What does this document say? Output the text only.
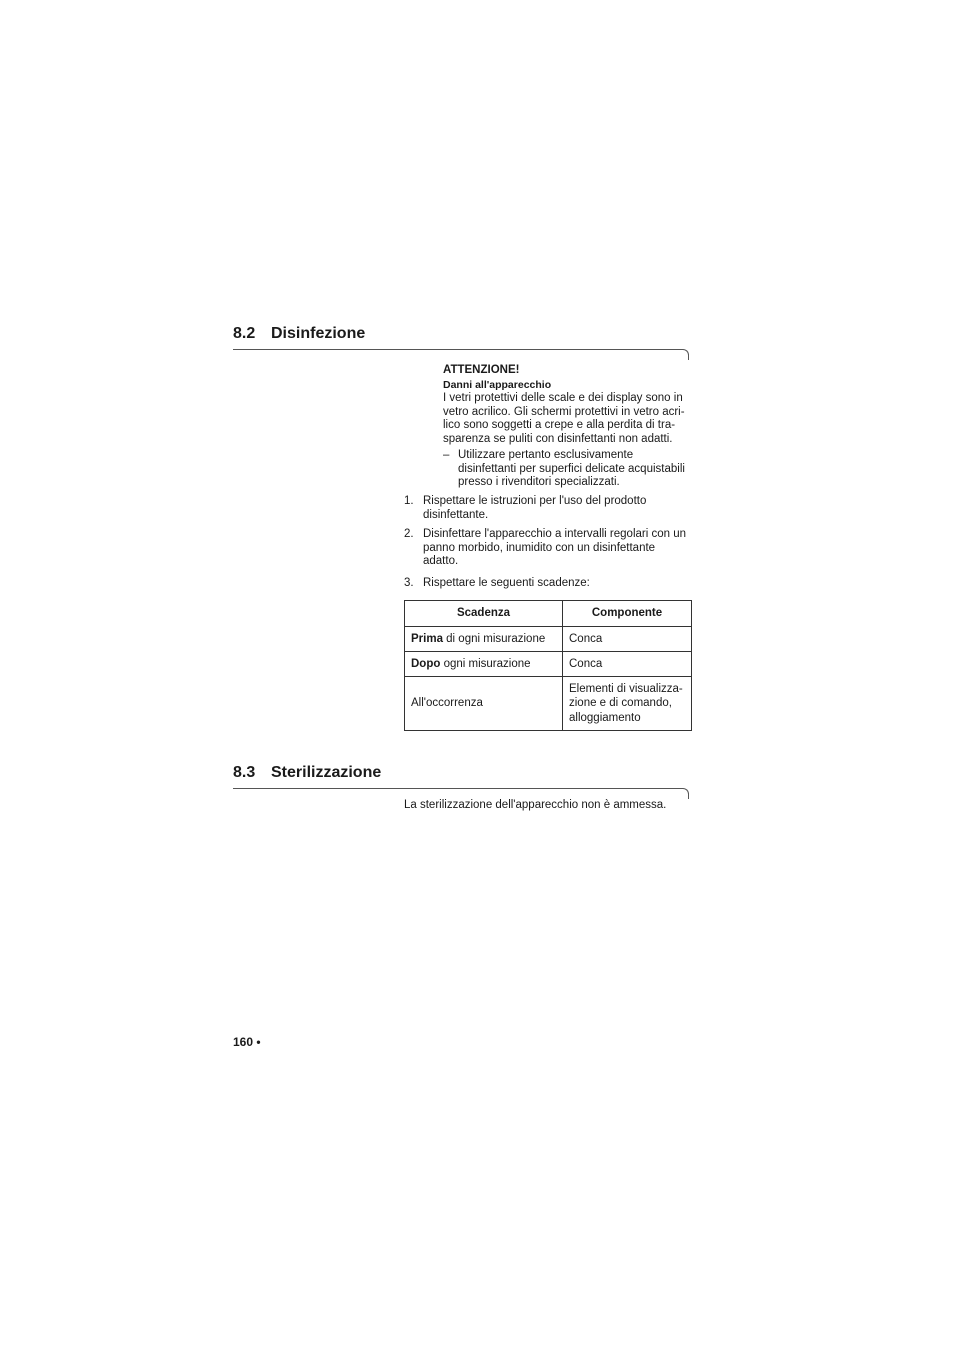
8.2 Disinfezione
ATTENZIONE!
Danni all'apparecchio
I vetri protettivi delle scale e dei display sono in
vetro acrilico. Gli schermi protettivi in vetro acri-
lico sono soggetti a crepe e alla perdita di tra-
sparenza se puliti con disinfettanti non adatti.
– Utilizzare pertanto esclusivamente
disinfettanti per superfici delicate acquistabili
presso i rivenditori specializzati.
1. Rispettare le istruzioni per l'uso del prodotto
disinfettante.
2. Disinfettare l'apparecchio a intervalli regolari con un
panno morbido, inumidito con un disinfettante
adatto.
3. Rispettare le seguenti scadenze:
Scadenza	Componente
Prima di ogni misurazione	Conca
Dopo ogni misurazione	Conca
All'occorrenza	Elementi di visualizza-
zione e di comando,
alloggiamento
8.3 Sterilizzazione
La sterilizzazione dell'apparecchio non è ammessa.
160 •
